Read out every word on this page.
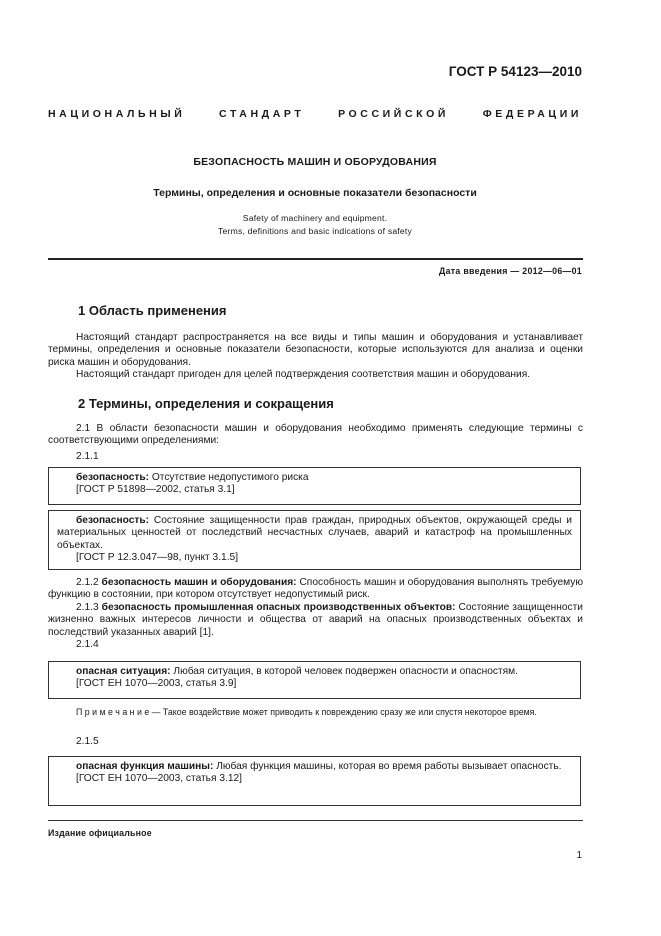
ГОСТ Р 54123—2010
НАЦИОНАЛЬНЫЙ СТАНДАРТ РОССИЙСКОЙ ФЕДЕРАЦИИ
БЕЗОПАСНОСТЬ МАШИН И ОБОРУДОВАНИЯ
Термины, определения и основные показатели безопасности
Safety of machinery and equipment.
Terms, definitions and basic indications of safety
Дата введения — 2012—06—01
1 Область применения

Настоящий стандарт распространяется на все виды и типы машин и оборудования и устанавливает термины, определения и основные показатели безопасности, которые используются для анализа и оценки риска машин и оборудования.

Настоящий стандарт пригоден для целей подтверждения соответствия машин и оборудования.

2 Термины, определения и сокращения

2.1 В области безопасности машин и оборудования необходимо применять следующие термины с соответствующими определениями:

2.1.1

безопасность: Отсутствие недопустимого риска

[ГОСТ Р 51898—2002, статья 3.1]

безопасность: Состояние защищенности прав граждан, природных объектов, окружающей среды и материальных ценностей от последствий несчастных случаев, аварий и катастроф на промышленных объектах.

[ГОСТ Р 12.3.047—98, пункт 3.1.5]

2.1.2 безопасность машин и оборудования: Способность машин и оборудования выполнять требуемую функцию в состоянии, при котором отсутствует недопустимый риск.

2.1.3 безопасность промышленная опасных производственных объектов: Состояние защищенности жизненно важных интересов личности и общества от аварий на опасных производственных объектах и последствий указанных аварий [1].

2.1.4

опасная ситуация: Любая ситуация, в которой человек подвержен опасности и опасностям.

[ГОСТ ЕН 1070—2003, статья 3.9]

П р и м е ч а н и е — Такое воздействие может приводить к повреждению сразу же или спустя некоторое время.

2.1.5

опасная функция машины: Любая функция машины, которая во время работы вызывает опасность.

[ГОСТ ЕН 1070—2003, статья 3.12]

Издание официальное
1
